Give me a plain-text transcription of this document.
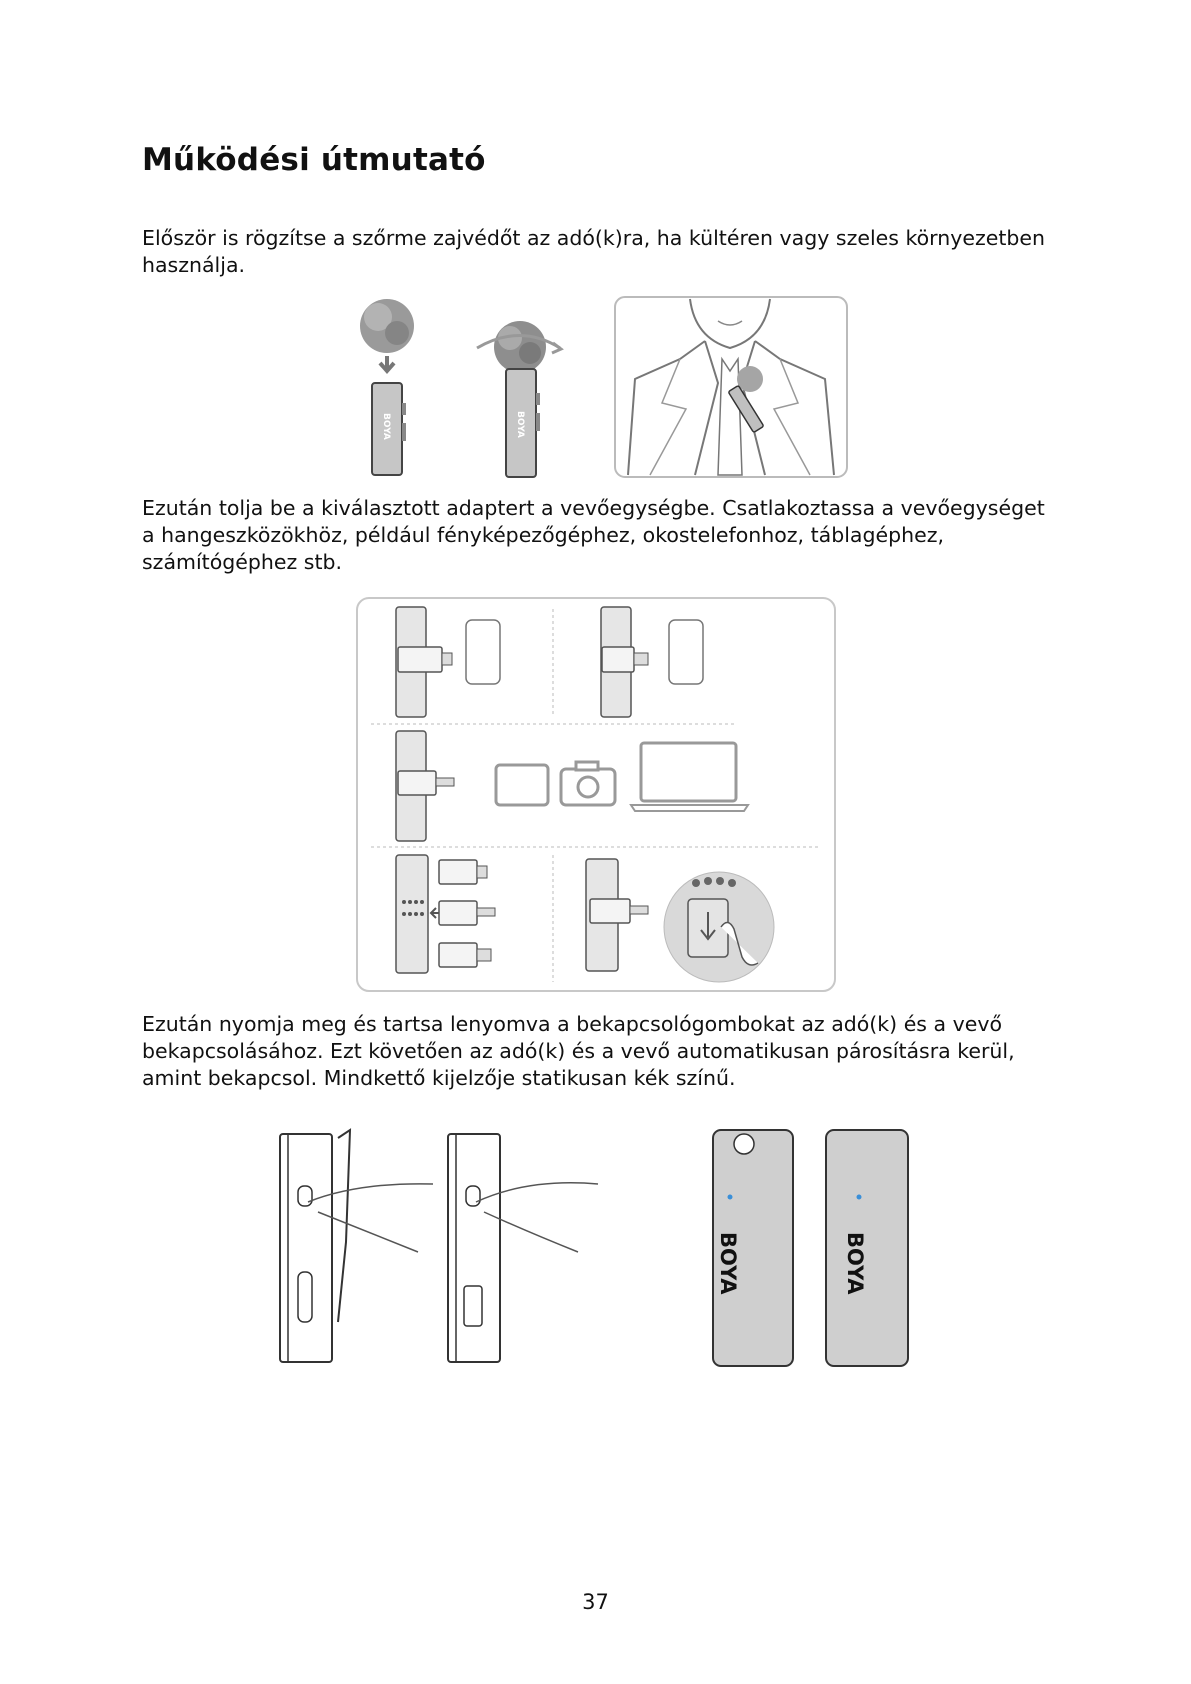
Működési útmutató

Először is rögzítse a szőrme zajvédőt az adó(k)ra, ha kültéren vagy szeles környezetben használja.

BOYA	BOYA

Ezután tolja be a kiválasztott adaptert a vevőegységbe. Csatlakoztassa a vevőegységet a hangeszközökhöz, például fényképezőgéphez, okostelefonhoz, táblagéphez, számítógéphez stb.

Ezután nyomja meg és tartsa lenyomva a bekapcsológombokat az adó(k) és a vevő bekapcsolásához. Ezt követően az adó(k) és a vevő automatikusan párosításra kerül, amint bekapcsol. Mindkettő kijelzője statikusan kék színű.

BOYA	BOYA
37
